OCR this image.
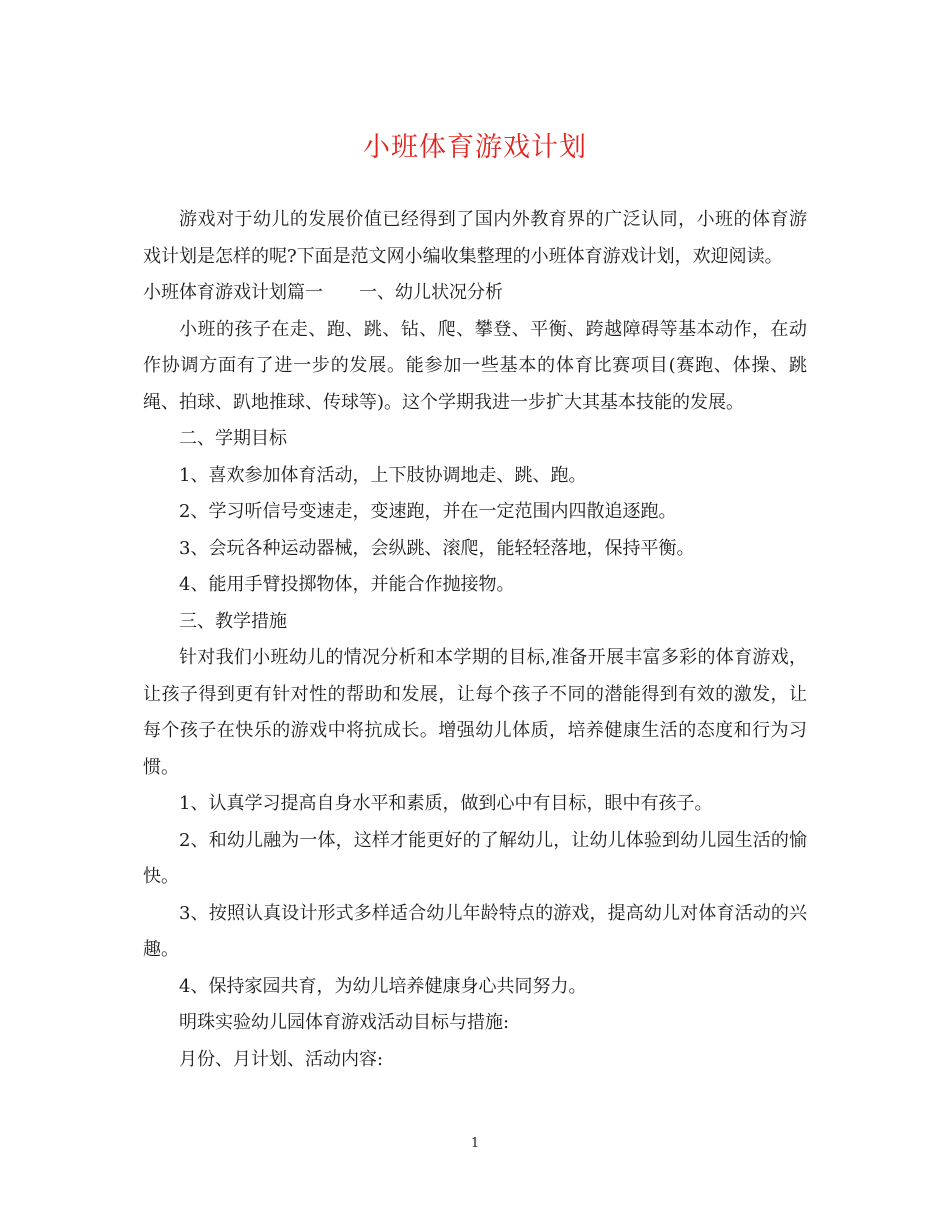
小班体育游戏计划

游戏对于幼儿的发展价值已经得到了国内外教育界的广泛认同，小班的体育游戏计划是怎样的呢?下面是范文网小编收集整理的小班体育游戏计划，欢迎阅读。

小班体育游戏计划篇一　　一、幼儿状况分析

小班的孩子在走、跑、跳、钻、爬、攀登、平衡、跨越障碍等基本动作，在动作协调方面有了进一步的发展。能参加一些基本的体育比赛项目(赛跑、体操、跳绳、拍球、趴地推球、传球等)。这个学期我进一步扩大其基本技能的发展。

二、学期目标

1、喜欢参加体育活动，上下肢协调地走、跳、跑。

2、学习听信号变速走，变速跑，并在一定范围内四散追逐跑。

3、会玩各种运动器械，会纵跳、滚爬，能轻轻落地，保持平衡。

4、能用手臂投掷物体，并能合作抛接物。

三、教学措施

针对我们小班幼儿的情况分析和本学期的目标,准备开展丰富多彩的体育游戏，让孩子得到更有针对性的帮助和发展，让每个孩子不同的潜能得到有效的激发，让每个孩子在快乐的游戏中将抗成长。增强幼儿体质，培养健康生活的态度和行为习惯。

1、认真学习提高自身水平和素质，做到心中有目标，眼中有孩子。

2、和幼儿融为一体，这样才能更好的了解幼儿，让幼儿体验到幼儿园生活的愉快。

3、按照认真设计形式多样适合幼儿年龄特点的游戏，提高幼儿对体育活动的兴趣。

4、保持家园共育，为幼儿培养健康身心共同努力。

明珠实验幼儿园体育游戏活动目标与措施:

月份、月计划、活动内容:

1
